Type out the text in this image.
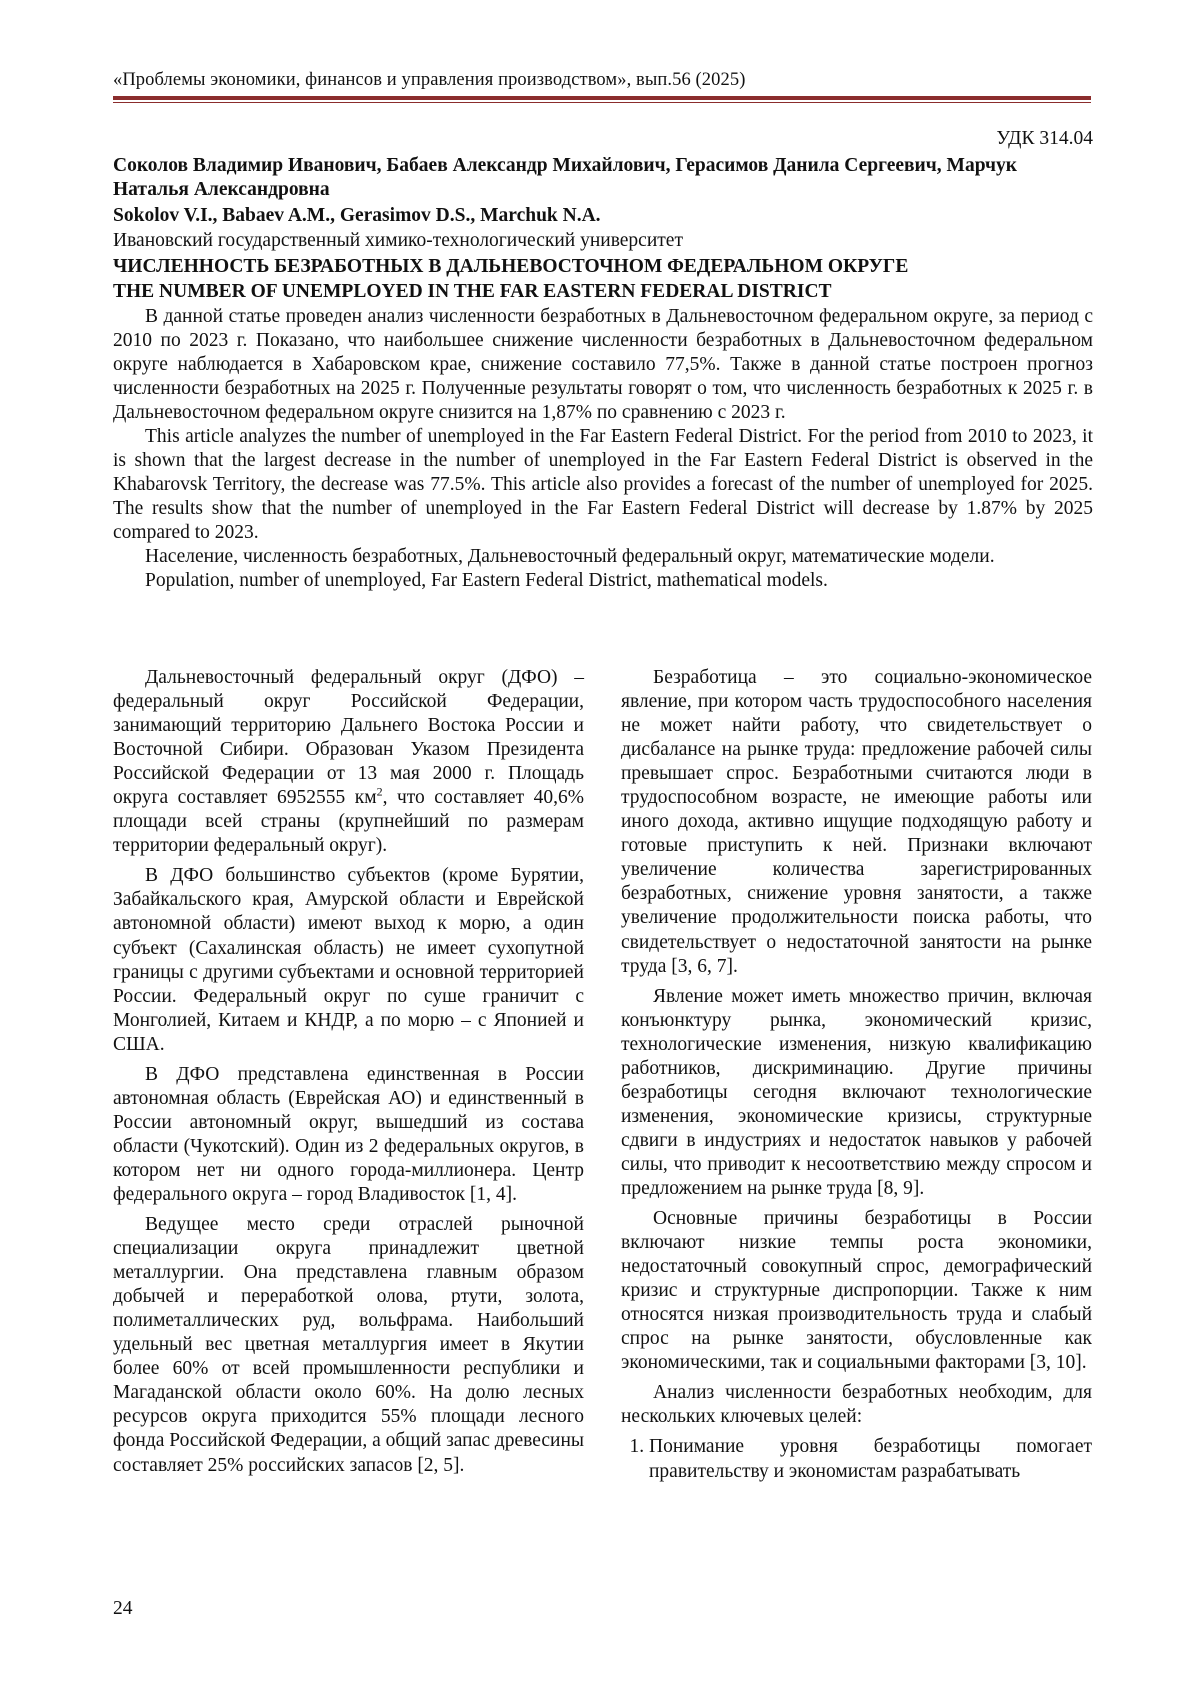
«Проблемы экономики, финансов и управления производством», вып.56 (2025)
УДК 314.04
Соколов Владимир Иванович, Бабаев Александр Михайлович, Герасимов Данила Сергеевич, Марчук Наталья Александровна
Sokolov V.I., Babaev A.M., Gerasimov D.S., Marchuk N.A.
Ивановский государственный химико-технологический университет
ЧИСЛЕННОСТЬ БЕЗРАБОТНЫХ В ДАЛЬНЕВОСТОЧНОМ ФЕДЕРАЛЬНОМ ОКРУГЕ
THE NUMBER OF UNEMPLOYED IN THE FAR EASTERN FEDERAL DISTRICT

В данной статье проведен анализ численности безработных в Дальневосточном федеральном округе, за период с 2010 по 2023 г. Показано, что наибольшее снижение численности безработных в Дальневосточном федеральном округе наблюдается в Хабаровском крае, снижение составило 77,5%. Также в данной статье построен прогноз численности безработных на 2025 г. Полученные результаты говорят о том, что численность безработных к 2025 г. в Дальневосточном федеральном округе снизится на 1,87% по сравнению с 2023 г.

This article analyzes the number of unemployed in the Far Eastern Federal District. For the period from 2010 to 2023, it is shown that the largest decrease in the number of unemployed in the Far Eastern Federal District is observed in the Khabarovsk Territory, the decrease was 77.5%. This article also provides a forecast of the number of unemployed for 2025. The results show that the number of unemployed in the Far Eastern Federal District will decrease by 1.87% by 2025 compared to 2023.

Население, численность безработных, Дальневосточный федеральный округ, математические модели.
Population, number of unemployed, Far Eastern Federal District, mathematical models.

Дальневосточный федеральный округ (ДФО) – федеральный округ Российской Федерации, занимающий территорию Дальнего Востока России и Восточной Сибири. Образован Указом Президента Российской Федерации от 13 мая 2000 г. Площадь округа составляет 6952555 $км^2$, что составляет 40,6% площади всей страны (крупнейший по размерам территории федеральный округ).

В ДФО большинство субъектов (кроме Бурятии, Забайкальского края, Амурской области и Еврейской автономной области) имеют выход к морю, а один субъект (Сахалинская область) не имеет сухопутной границы с другими субъектами и основной территорией России. Федеральный округ по суше граничит с Монголией, Китаем и КНДР, а по морю – с Японией и США.

В ДФО представлена единственная в России автономная область (Еврейская АО) и единственный в России автономный округ, вышедший из состава области (Чукотский). Один из 2 федеральных округов, в котором нет ни одного города-миллионера. Центр федерального округа – город Владивосток [1, 4].

Ведущее место среди отраслей рыночной специализации округа принадлежит цветной металлургии. Она представлена главным образом добычей и переработкой олова, ртути, золота, полиметаллических руд, вольфрама. Наибольший удельный вес цветная металлургия имеет в Якутии более 60% от всей промышленности республики и Магаданской области около 60%. На долю лесных ресурсов округа приходится 55% площади лесного фонда Российской Федерации, а общий запас древесины составляет 25% российских запасов [2, 5].

Безработица – это социально-экономическое явление, при котором часть трудоспособного населения не может найти работу, что свидетельствует о дисбалансе на рынке труда: предложение рабочей силы превышает спрос. Безработными считаются люди в трудоспособном возрасте, не имеющие работы или иного дохода, активно ищущие подходящую работу и готовые приступить к ней. Признаки включают увеличение количества зарегистрированных безработных, снижение уровня занятости, а также увеличение продолжительности поиска работы, что свидетельствует о недостаточной занятости на рынке труда [3, 6, 7].

Явление может иметь множество причин, включая конъюнктуру рынка, экономический кризис, технологические изменения, низкую квалификацию работников, дискриминацию. Другие причины безработицы сегодня включают технологические изменения, экономические кризисы, структурные сдвиги в индустриях и недостаток навыков у рабочей силы, что приводит к несоответствию между спросом и предложением на рынке труда [8, 9].

Основные причины безработицы в России включают низкие темпы роста экономики, недостаточный совокупный спрос, демографический кризис и структурные диспропорции. Также к ним относятся низкая производительность труда и слабый спрос на рынке занятости, обусловленные как экономическими, так и социальными факторами [3, 10].

Анализ численности безработных необходим, для нескольких ключевых целей:

1. Понимание уровня безработицы помогает правительству и экономистам разрабатывать
24
